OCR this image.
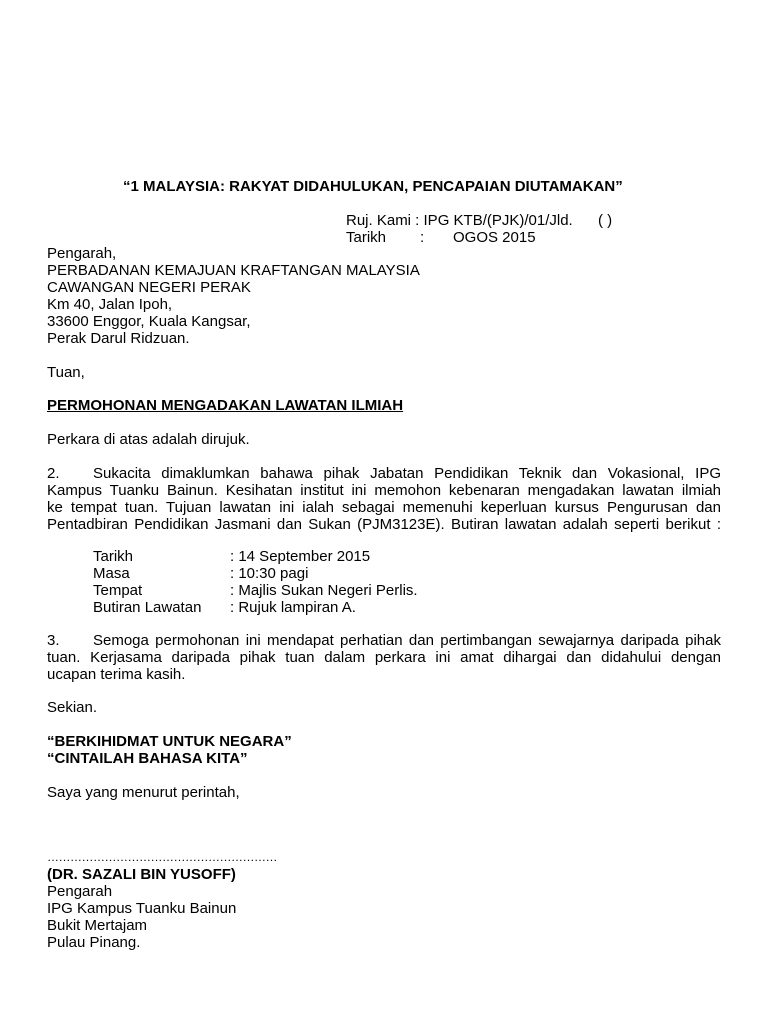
“1 MALAYSIA: RAKYAT DIDAHULUKAN, PENCAPAIAN DIUTAMAKAN”
Ruj. Kami : IPG KTB/(PJK)/01/Jld. ( )
Tarikh : OGOS 2015
Pengarah,
PERBADANAN KEMAJUAN KRAFTANGAN MALAYSIA
CAWANGAN NEGERI PERAK
Km 40, Jalan Ipoh,
33600 Enggor, Kuala Kangsar,
Perak Darul Ridzuan.
Tuan,
PERMOHONAN MENGADAKAN LAWATAN ILMIAH
Perkara di atas adalah dirujuk.
2. Sukacita dimaklumkan bahawa pihak Jabatan Pendidikan Teknik dan Vokasional, IPG
Kampus Tuanku Bainun. Kesihatan institut ini memohon kebenaran mengadakan lawatan ilmiah
ke tempat tuan. Tujuan lawatan ini ialah sebagai memenuhi keperluan kursus Pengurusan dan
Pentadbiran Pendidikan Jasmani dan Sukan (PJM3123E). Butiran lawatan adalah seperti berikut :
Tarikh	: 14 September 2015
Masa	: 10:30 pagi
Tempat	: Majlis Sukan Negeri Perlis.
Butiran Lawatan : Rujuk lampiran A.
3. Semoga permohonan ini mendapat perhatian dan pertimbangan sewajarnya daripada pihak
tuan. Kerjasama daripada pihak tuan dalam perkara ini amat dihargai dan didahului dengan
ucapan terima kasih.
Sekian.
“BERKIHIDMAT UNTUK NEGARA”
“CINTAILAH BAHASA KITA”
Saya yang menurut perintah,
……………………………………………………
(DR. SAZALI BIN YUSOFF)
Pengarah
IPG Kampus Tuanku Bainun
Bukit Mertajam
Pulau Pinang.
